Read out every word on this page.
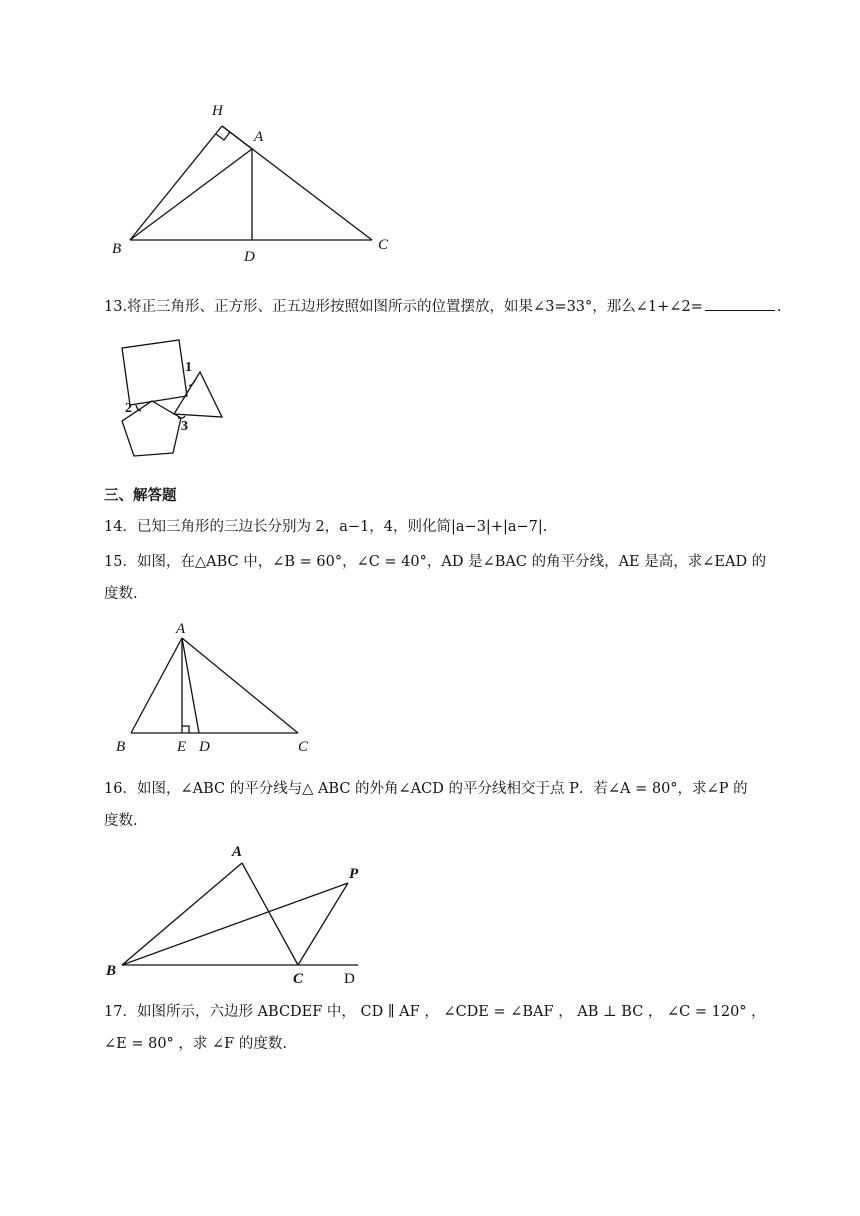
H
A
B	C
D
13.将正三角形、正方形、正五边形按照如图所示的位置摆放，如果∠3=33°，那么∠1+∠2=	.
1
2
3
三、解答题
14．已知三角形的三边长分别为 2，a−1，4，则化简|a−3|+|a−7|.
15．如图，在△ABC 中，∠B = 60°，∠C = 40°，AD 是∠BAC 的角平分线，AE 是高，求∠EAD 的
度数.
A
B	E D	C
16．如图，∠ABC 的平分线与△ ABC 的外角∠ACD 的平分线相交于点 P．若∠A = 80°，求∠P 的
度数.
A
P
B	C	D
17．如图所示，六边形 ABCDEF 中， CD ∥ AF ， ∠CDE = ∠BAF ， AB ⊥ BC ， ∠C = 120° ，
∠E = 80° ，求 ∠F 的度数.
